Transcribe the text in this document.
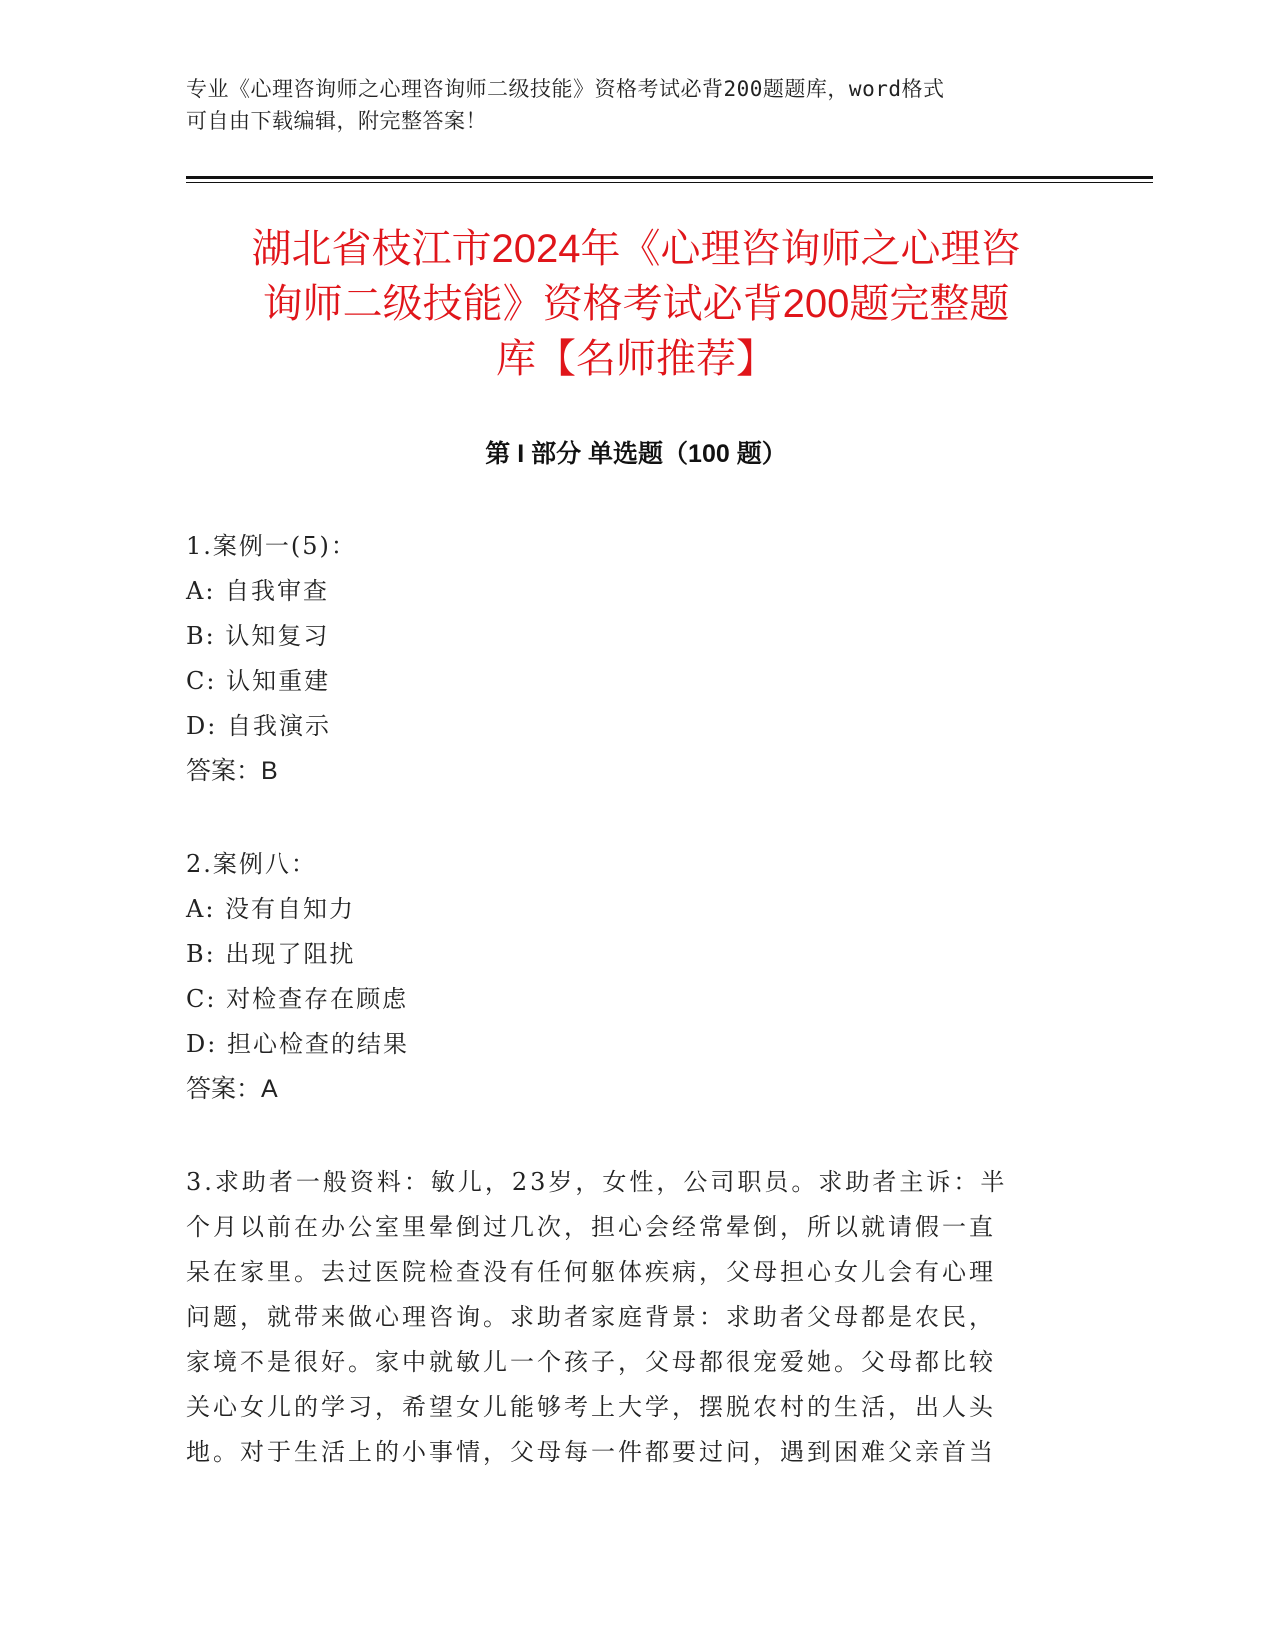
专业《心理咨询师之心理咨询师二级技能》资格考试必背200题题库，word格式
可自由下载编辑，附完整答案！
湖北省枝江市2024年《心理咨询师之心理咨
询师二级技能》资格考试必背200题完整题
库【名师推荐】
第 I 部分 单选题（100 题）
1.案例一(5)：
A: 自我审查
B: 认知复习
C: 认知重建
D: 自我演示
答案：B
2.案例八：
A: 没有自知力
B: 出现了阻扰
C: 对检查存在顾虑
D: 担心检查的结果
答案：A
3.求助者一般资料：敏儿，23岁，女性，公司职员。求助者主诉：半
个月以前在办公室里晕倒过几次，担心会经常晕倒，所以就请假一直
呆在家里。去过医院检查没有任何躯体疾病，父母担心女儿会有心理
问题，就带来做心理咨询。求助者家庭背景：求助者父母都是农民，
家境不是很好。家中就敏儿一个孩子，父母都很宠爱她。父母都比较
关心女儿的学习，希望女儿能够考上大学，摆脱农村的生活，出人头
地。对于生活上的小事情，父母每一件都要过问，遇到困难父亲首当
